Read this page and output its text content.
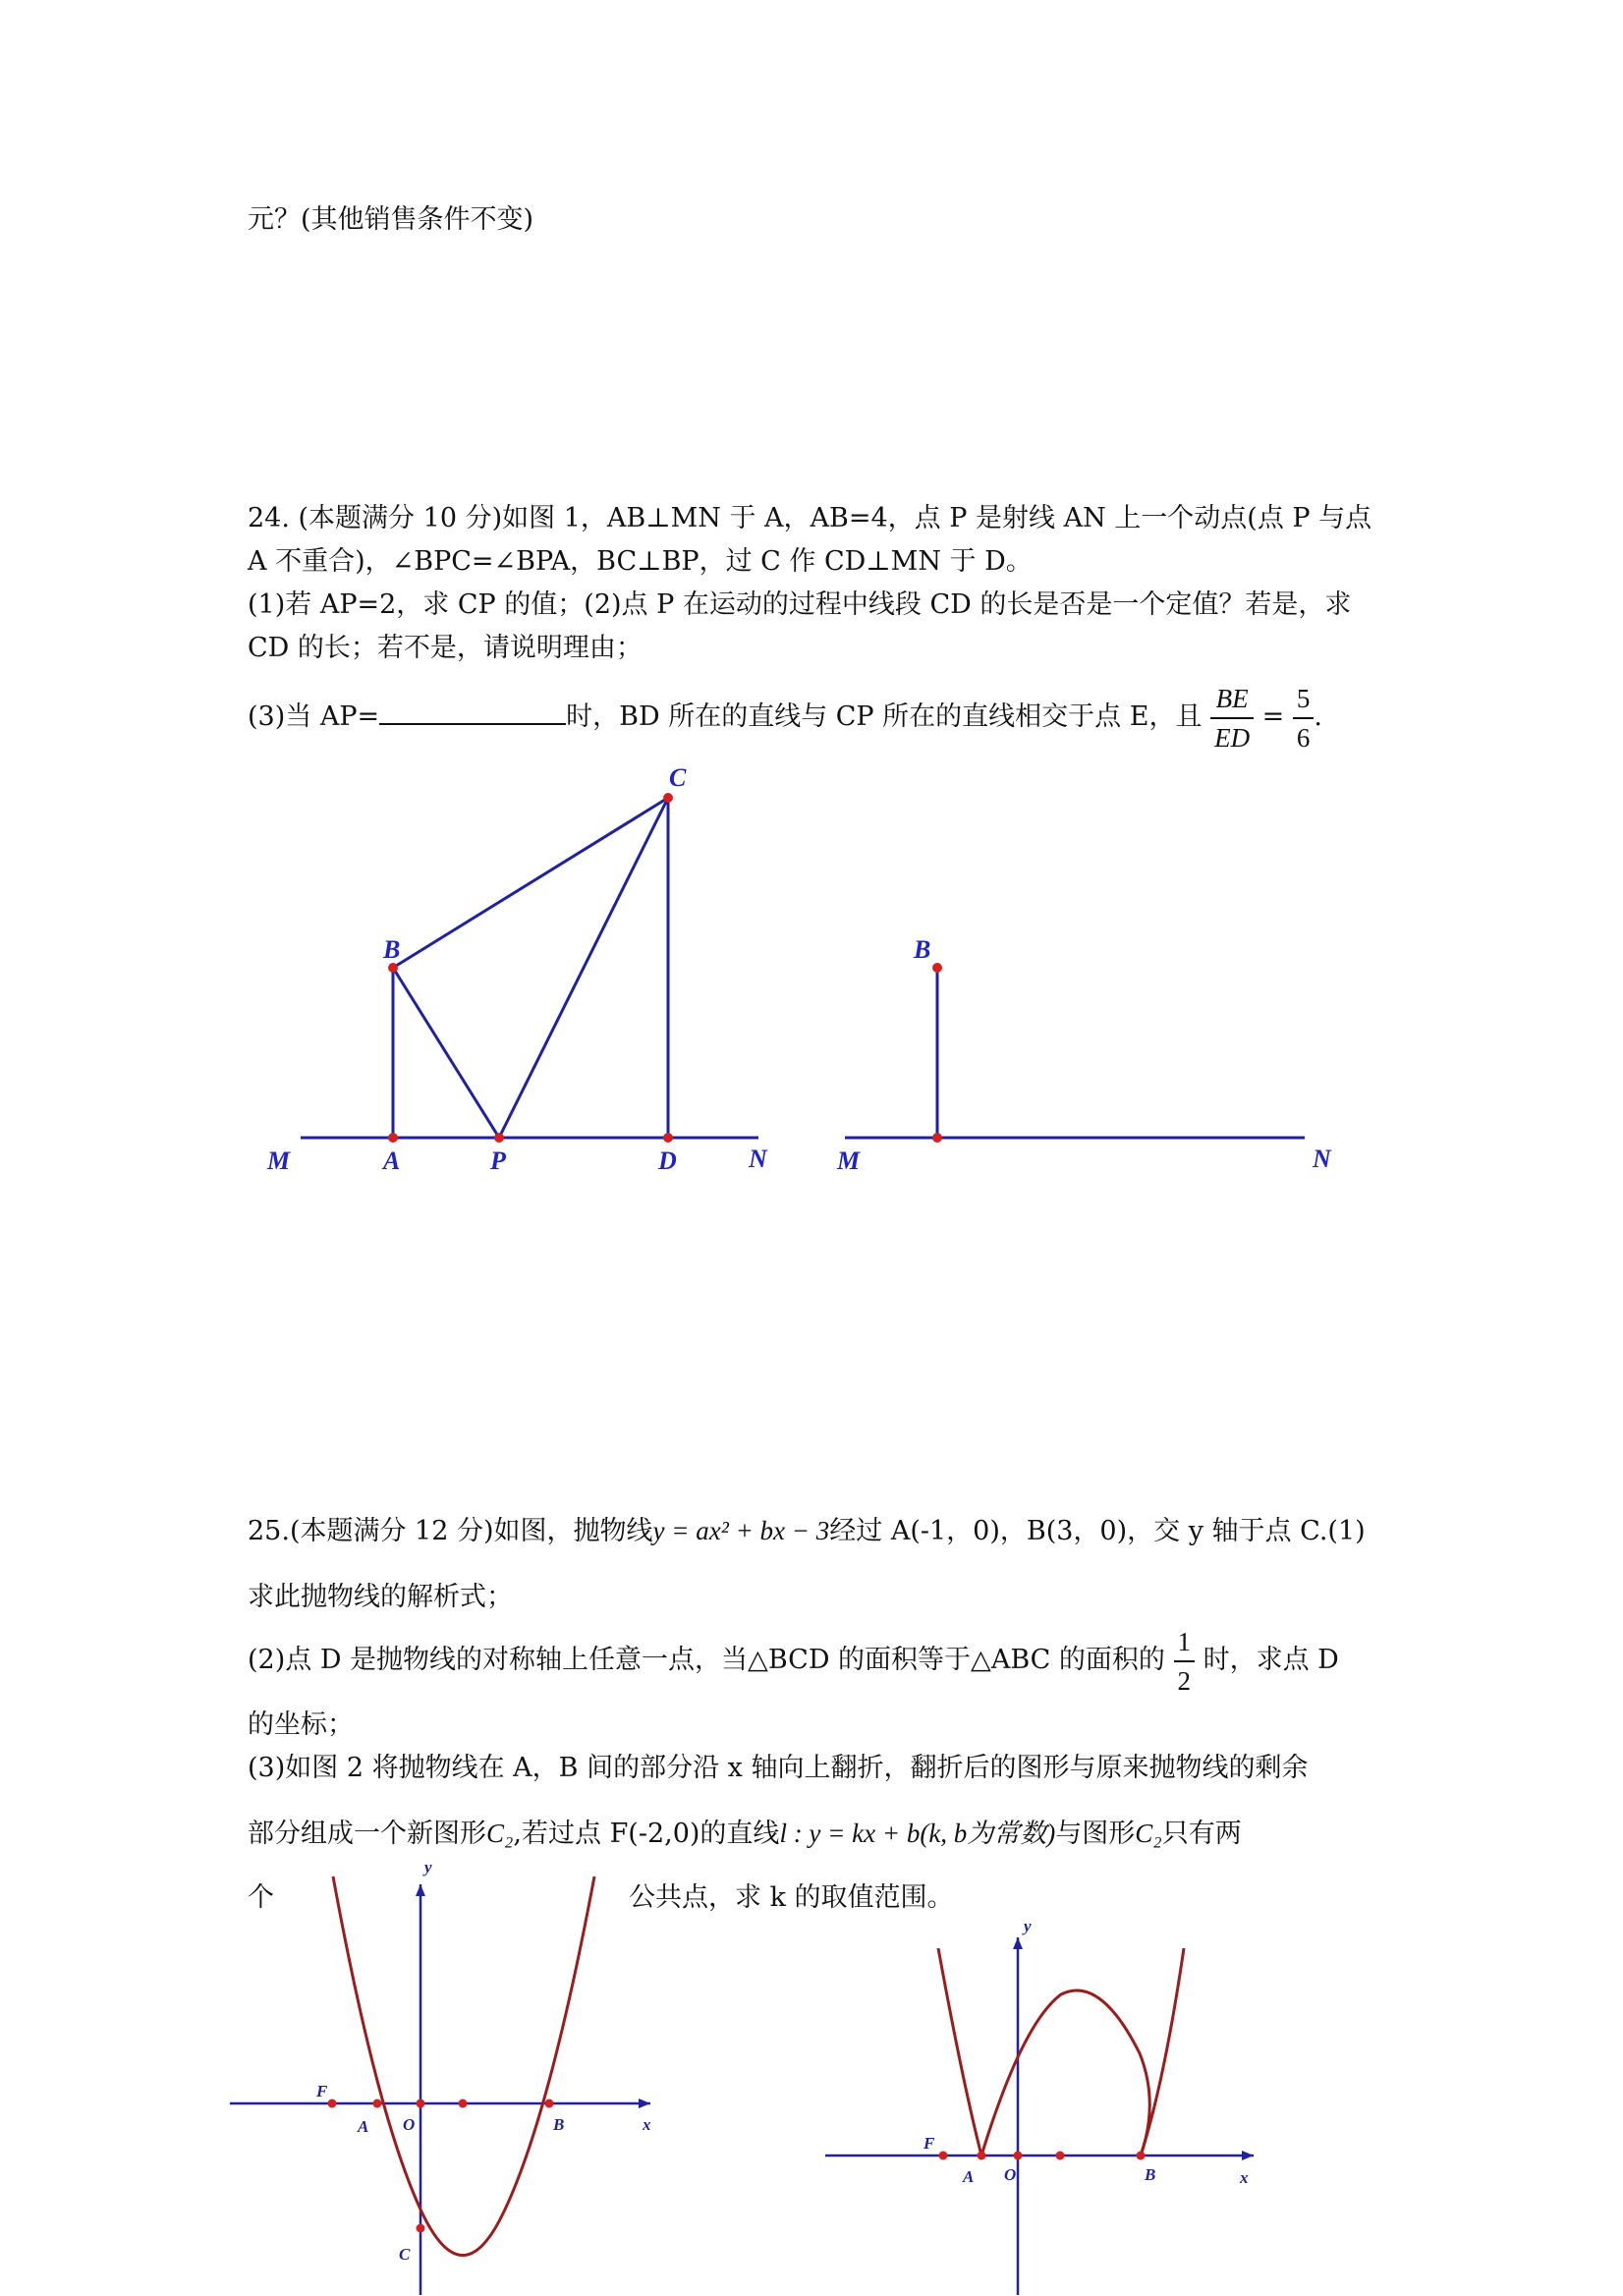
元？(其他销售条件不变)
24. (本题满分 10 分)如图 1，AB⊥MN 于 A，AB=4，点 P 是射线 AN 上一个动点(点 P 与点
A 不重合)，∠BPC=∠BPA，BC⊥BP，过 C 作 CD⊥MN 于 D。
(1)若 AP=2，求 CP 的值；(2)点 P 在运动的过程中线段 CD 的长是否是一个定值？若是，求
CD 的长；若不是，请说明理由；
(3)当 AP=	时，BD 所在的直线与 CP 所在的直线相交于点 E，且 $\frac{BE}{ED} = \frac{5}{6}$ .
C
B
M	A	P	D	N
B
M	N
y
x
F
A O	B
C
y
x
F
A O	B
25.(本题满分 12 分)如图，抛物线y = ax² + bx − 3经过 A(-1，0)，B(3，0)，交 y 轴于点 C.(1)
求此抛物线的解析式；
(2)点 D 是抛物线的对称轴上任意一点，当△BCD 的面积等于△ABC 的面积的 $\frac{1}{2}$ 时，求点 D
的坐标；
(3)如图 2 将抛物线在 A，B 间的部分沿 x 轴向上翻折，翻折后的图形与原来抛物线的剩余
部分组成一个新图形C₂,若过点 F(-2,0)的直线l : y = kx + b(k, b为常数)与图形C₂只有两
个	公共点，求 k 的取值范围。
